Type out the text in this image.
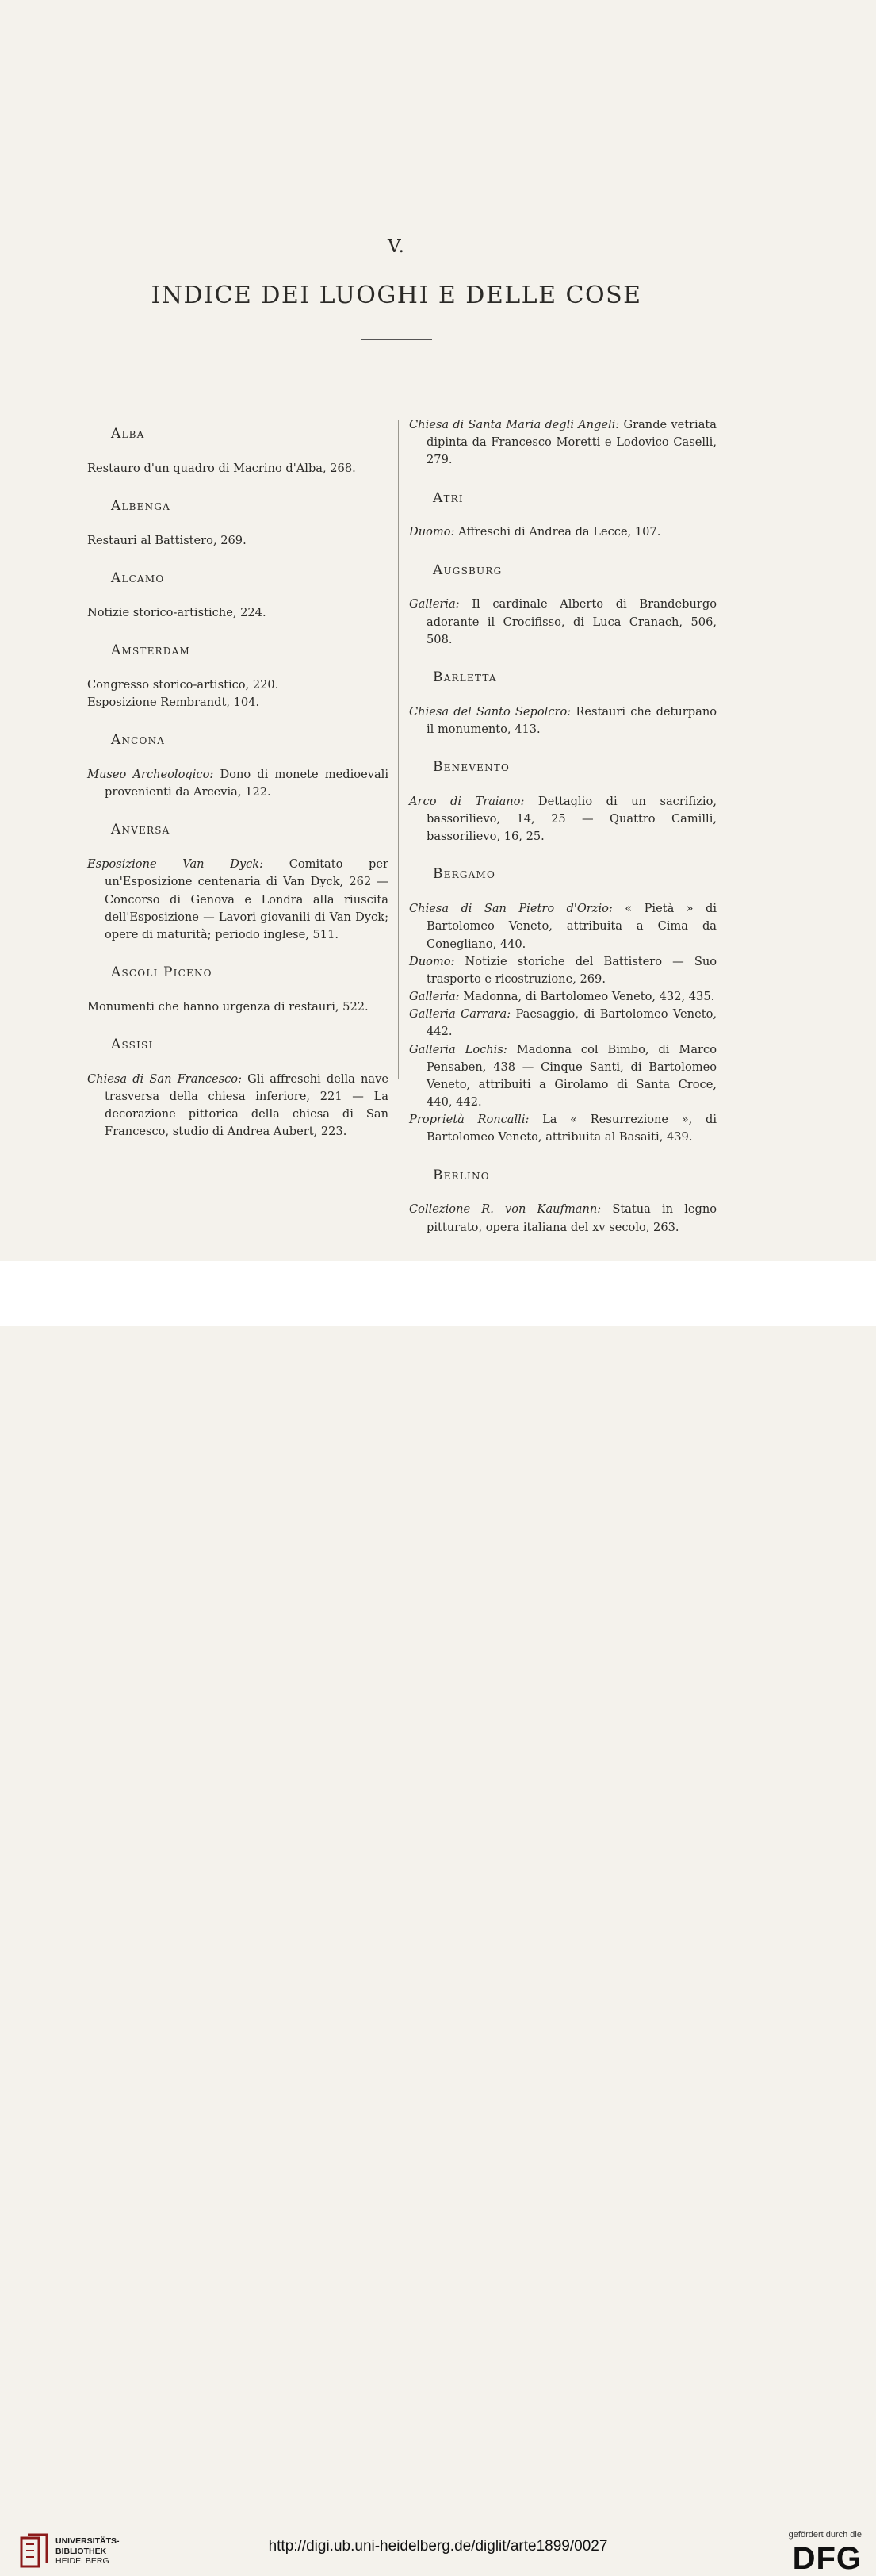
V.
INDICE DEI LUOGHI E DELLE COSE
Alba

Restauro d'un quadro di Macrino d'Alba, 268.

Albenga

Restauri al Battistero, 269.

Alcamo

Notizie storico-artistiche, 224.

Amsterdam

Congresso storico-artistico, 220.

Esposizione Rembrandt, 104.

Ancona

Museo Archeologico: Dono di monete medioevali provenienti da Arcevia, 122.

Anversa

Esposizione Van Dyck: Comitato per un'Esposizione centenaria di Van Dyck, 262 — Concorso di Genova e Londra alla riuscita dell'Esposizione — Lavori giovanili di Van Dyck; opere di maturità; periodo inglese, 511.

Ascoli Piceno

Monumenti che hanno urgenza di restauri, 522.

Assisi

Chiesa di San Francesco: Gli affreschi della nave trasversa della chiesa inferiore, 221 — La decorazione pittorica della chiesa di San Francesco, studio di Andrea Aubert, 223.

Chiesa di Santa Maria degli Angeli: Grande vetriata dipinta da Francesco Moretti e Lodovico Caselli, 279.

Atri

Duomo: Affreschi di Andrea da Lecce, 107.

Augsburg

Galleria: Il cardinale Alberto di Brandeburgo adorante il Crocifisso, di Luca Cranach, 506, 508.

Barletta

Chiesa del Santo Sepolcro: Restauri che deturpano il monumento, 413.

Benevento

Arco di Traiano: Dettaglio di un sacrifizio, bassorilievo, 14, 25 — Quattro Camilli, bassorilievo, 16, 25.

Bergamo

Chiesa di San Pietro d'Orzio: « Pietà » di Bartolomeo Veneto, attribuita a Cima da Conegliano, 440.

Duomo: Notizie storiche del Battistero — Suo trasporto e ricostruzione, 269.

Galleria: Madonna, di Bartolomeo Veneto, 432, 435.

Galleria Carrara: Paesaggio, di Bartolomeo Veneto, 442.

Galleria Lochis: Madonna col Bimbo, di Marco Pensaben, 438 — Cinque Santi, di Bartolomeo Veneto, attribuiti a Girolamo di Santa Croce, 440, 442.

Proprietà Roncalli: La « Resurrezione », di Bartolomeo Veneto, attribuita al Basaiti, 439.

Berlino

Collezione R. von Kaufmann: Statua in legno pitturato, opera italiana del xv secolo, 263.

UNIVERSITÄTS-
BIBLIOTHEK
HEIDELBERG
http://digi.ub.uni-heidelberg.de/diglit/arte1899/0027
gefördert durch die
DFG
